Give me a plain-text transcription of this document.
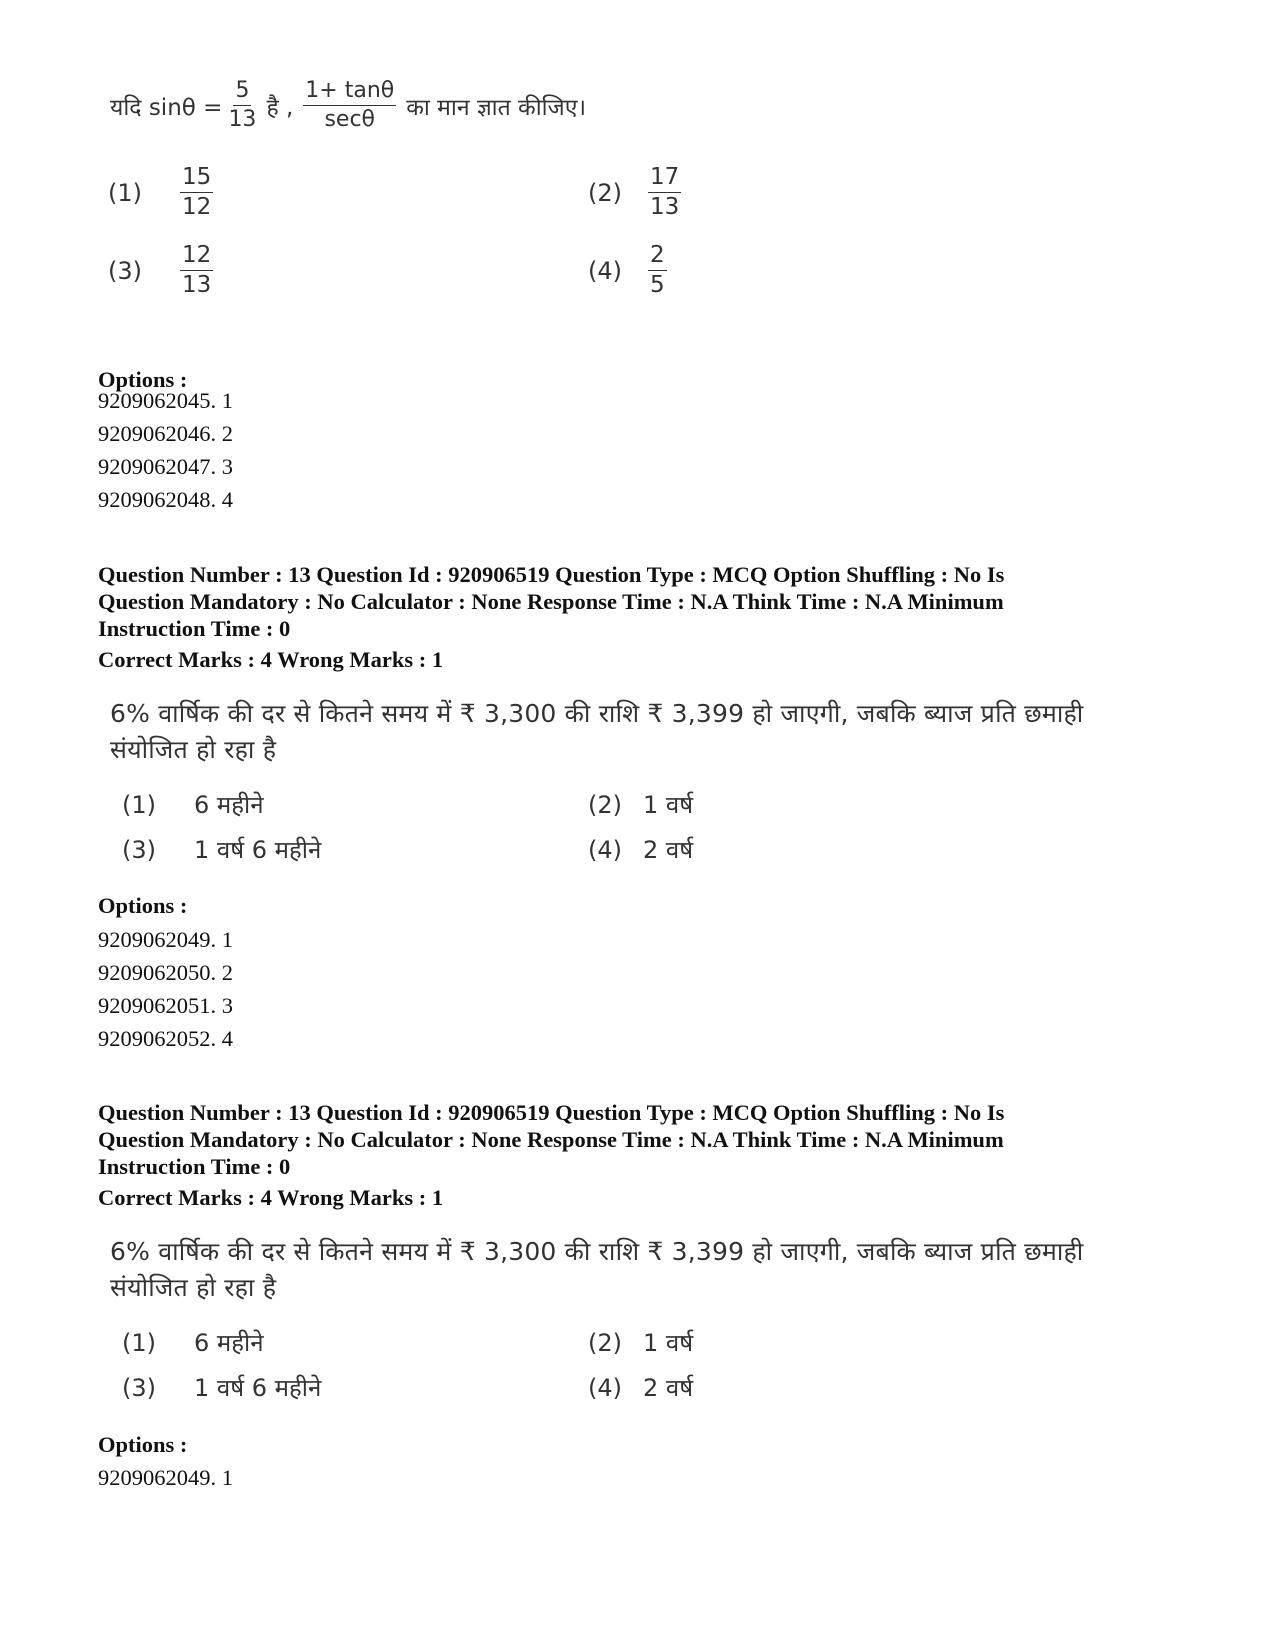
यदि $\sin\theta = \frac{5}{13}$ है , $\frac{1+ \tan\theta}{\sec\theta}$ का मान ज्ञात कीजिए।
(1)	$\frac{15}{12}$	(2)	$\frac{17}{13}$
(3)	$\frac{12}{13}$	(4)	$\frac{2}{5}$
Options :
9209062045. 1
9209062046. 2
9209062047. 3
9209062048. 4
Question Number : 13 Question Id : 920906519 Question Type : MCQ Option Shuffling : No Is
Question Mandatory : No Calculator : None Response Time : N.A Think Time : N.A Minimum
Instruction Time : 0
Correct Marks : 4 Wrong Marks : 1
6% वार्षिक की दर से कितने समय में ₹ 3,300 की राशि ₹ 3,399 हो जाएगी, जबकि ब्याज प्रति छमाही
संयोजित हो रहा है
(1)	6 महीने	(2) 1 वर्ष
(3)	1 वर्ष 6 महीने	(4) 2 वर्ष
Options :
9209062049. 1
9209062050. 2
9209062051. 3
9209062052. 4
Question Number : 13 Question Id : 920906519 Question Type : MCQ Option Shuffling : No Is
Question Mandatory : No Calculator : None Response Time : N.A Think Time : N.A Minimum
Instruction Time : 0
Correct Marks : 4 Wrong Marks : 1
6% वार्षिक की दर से कितने समय में ₹ 3,300 की राशि ₹ 3,399 हो जाएगी, जबकि ब्याज प्रति छमाही
संयोजित हो रहा है
(1)	6 महीने	(2) 1 वर्ष
(3)	1 वर्ष 6 महीने	(4) 2 वर्ष
Options :
9209062049. 1
